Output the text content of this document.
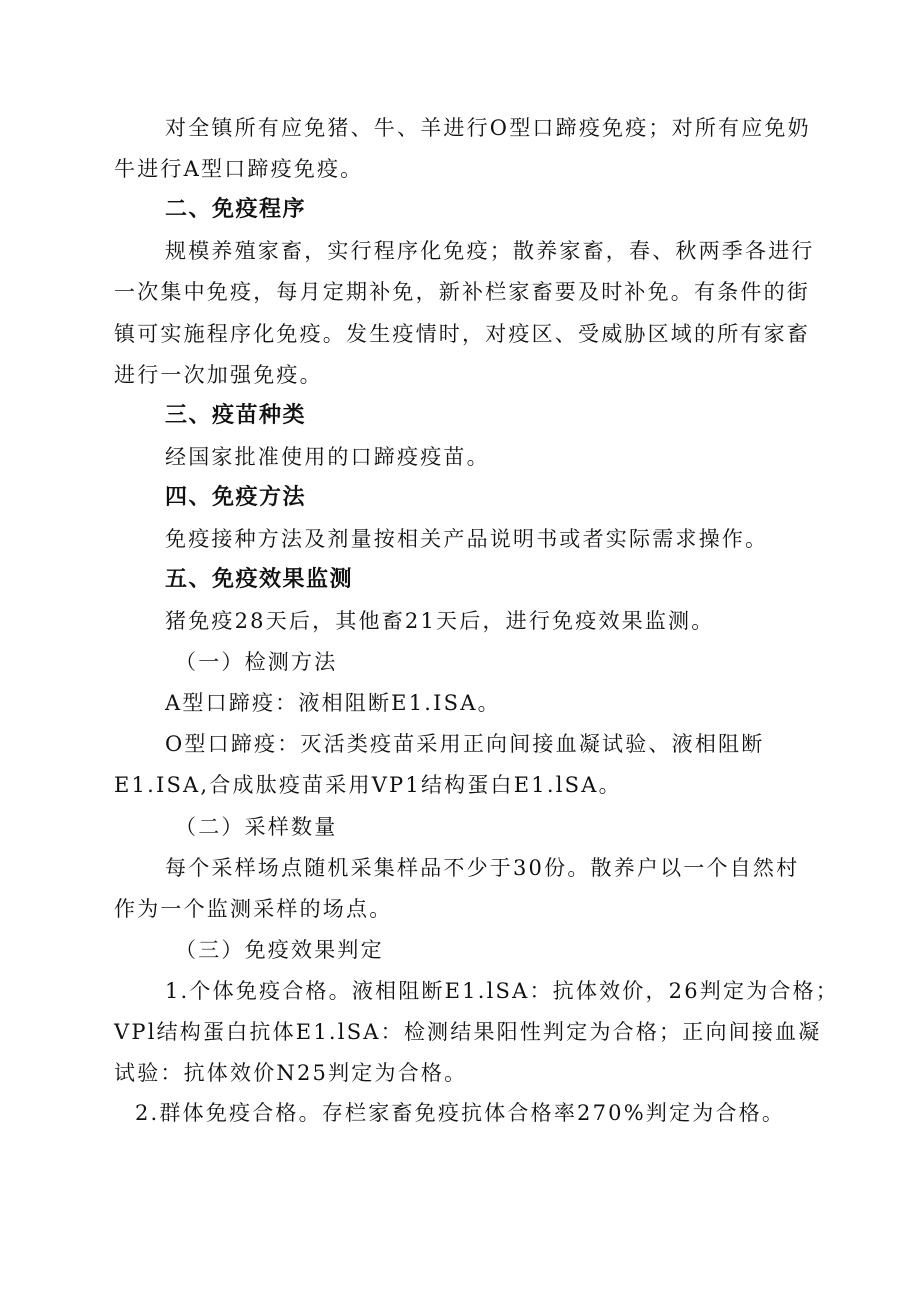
对全镇所有应免猪、牛、羊进行O型口蹄疫免疫；对所有应免奶
牛进行A型口蹄疫免疫。
二、免疫程序
规模养殖家畜，实行程序化免疫；散养家畜，春、秋两季各进行
一次集中免疫，每月定期补免，新补栏家畜要及时补免。有条件的街
镇可实施程序化免疫。发生疫情时，对疫区、受威胁区域的所有家畜
进行一次加强免疫。
三、疫苗种类
经国家批准使用的口蹄疫疫苗。
四、免疫方法
免疫接种方法及剂量按相关产品说明书或者实际需求操作。
五、免疫效果监测
猪免疫28天后，其他畜21天后，进行免疫效果监测。
（一）检测方法
A型口蹄疫：液相阻断E1.ISA。
O型口蹄疫：灭活类疫苗采用正向间接血凝试验、液相阻断
E1.ISA,合成肽疫苗采用VP1结构蛋白E1.lSA。
（二）采样数量
每个采样场点随机采集样品不少于30份。散养户以一个自然村
作为一个监测采样的场点。
（三）免疫效果判定
1.个体免疫合格。液相阻断E1.lSA：抗体效价，26判定为合格；
VPl结构蛋白抗体E1.lSA：检测结果阳性判定为合格；正向间接血凝
试验：抗体效价N25判定为合格。
2.群体免疫合格。存栏家畜免疫抗体合格率270%判定为合格。
